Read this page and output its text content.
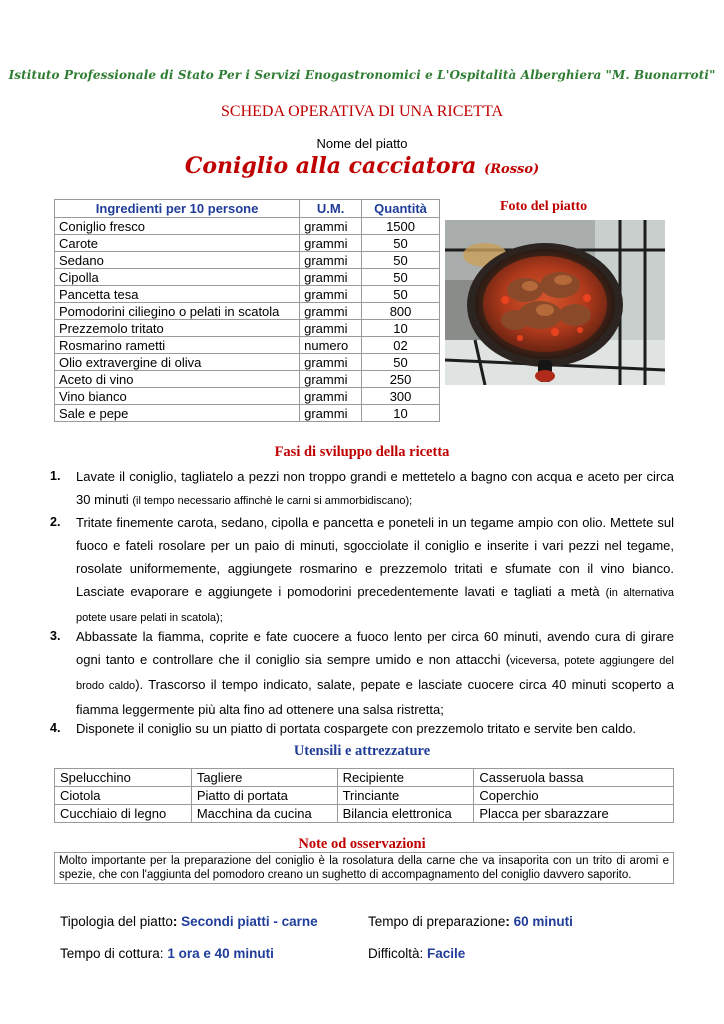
Istituto Professionale di Stato Per i Servizi Enogastronomici e L'Ospitalità Alberghiera "M. Buonarroti"
SCHEDA OPERATIVA DI UNA RICETTA
Nome del piatto
Coniglio alla cacciatora (Rosso)
Ingredienti per 10 persone	U.M.	Quantità
Coniglio fresco	grammi	1500
Carote	grammi	50
Sedano	grammi	50
Cipolla	grammi	50
Pancetta tesa	grammi	50
Pomodorini ciliegino o pelati in scatola	grammi	800
Prezzemolo tritato	grammi	10
Rosmarino rametti	numero	02
Olio extravergine di oliva	grammi	50
Aceto di vino	grammi	250
Vino bianco	grammi	300
Sale e pepe	grammi	10
Foto del piatto
Fasi di sviluppo della ricetta
1. Lavate il coniglio, tagliatelo a pezzi non troppo grandi e mettetelo a bagno con acqua e aceto per circa 30 minuti (il tempo necessario affinchè le carni si ammorbidiscano);
2. Tritate finemente carota, sedano, cipolla e pancetta e poneteli in un tegame ampio con olio. Mettete sul fuoco e fateli rosolare per un paio di minuti, sgocciolate il coniglio e inserite i vari pezzi nel tegame, rosolate uniformemente, aggiungete rosmarino e prezzemolo tritati e sfumate con il vino bianco. Lasciate evaporare e aggiungete i pomodorini precedentemente lavati e tagliati a metà (in alternativa potete usare pelati in scatola);
3. Abbassate la fiamma, coprite e fate cuocere a fuoco lento per circa 60 minuti, avendo cura di girare ogni tanto e controllare che il coniglio sia sempre umido e non attacchi (viceversa, potete aggiungere del brodo caldo). Trascorso il tempo indicato, salate, pepate e lasciate cuocere circa 40 minuti scoperto a fiamma leggermente più alta fino ad ottenere una salsa ristretta;
4. Disponete il coniglio su un piatto di portata cospargete con prezzemolo tritato e servite ben caldo.
Utensili e attrezzature
Spelucchino	Tagliere	Recipiente	Casseruola bassa
Ciotola	Piatto di portata	Trinciante	Coperchio
Cucchiaio di legno	Macchina da cucina	Bilancia elettronica	Placca per sbarazzare
Note od osservazioni
Molto importante per la preparazione del coniglio è la rosolatura della carne che va insaporita con un trito di aromi e spezie, che con l'aggiunta del pomodoro creano un sughetto di accompagnamento del coniglio davvero saporito.
Tipologia del piatto: Secondi piatti - carne	Tempo di preparazione: 60 minuti
Tempo di cottura: 1 ora e 40 minuti	Difficoltà: Facile
